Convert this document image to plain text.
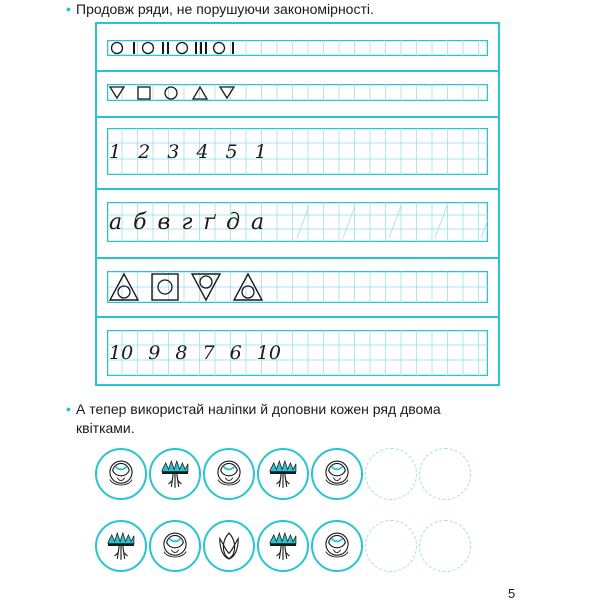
• Продовж ряди, не порушуючи закономірності.
1 2 3 4 5 1
а б в г ґ д а
10 9 8 7 6 10
• А тепер використай наліпки й доповни кожен ряд двома квітками.
5
